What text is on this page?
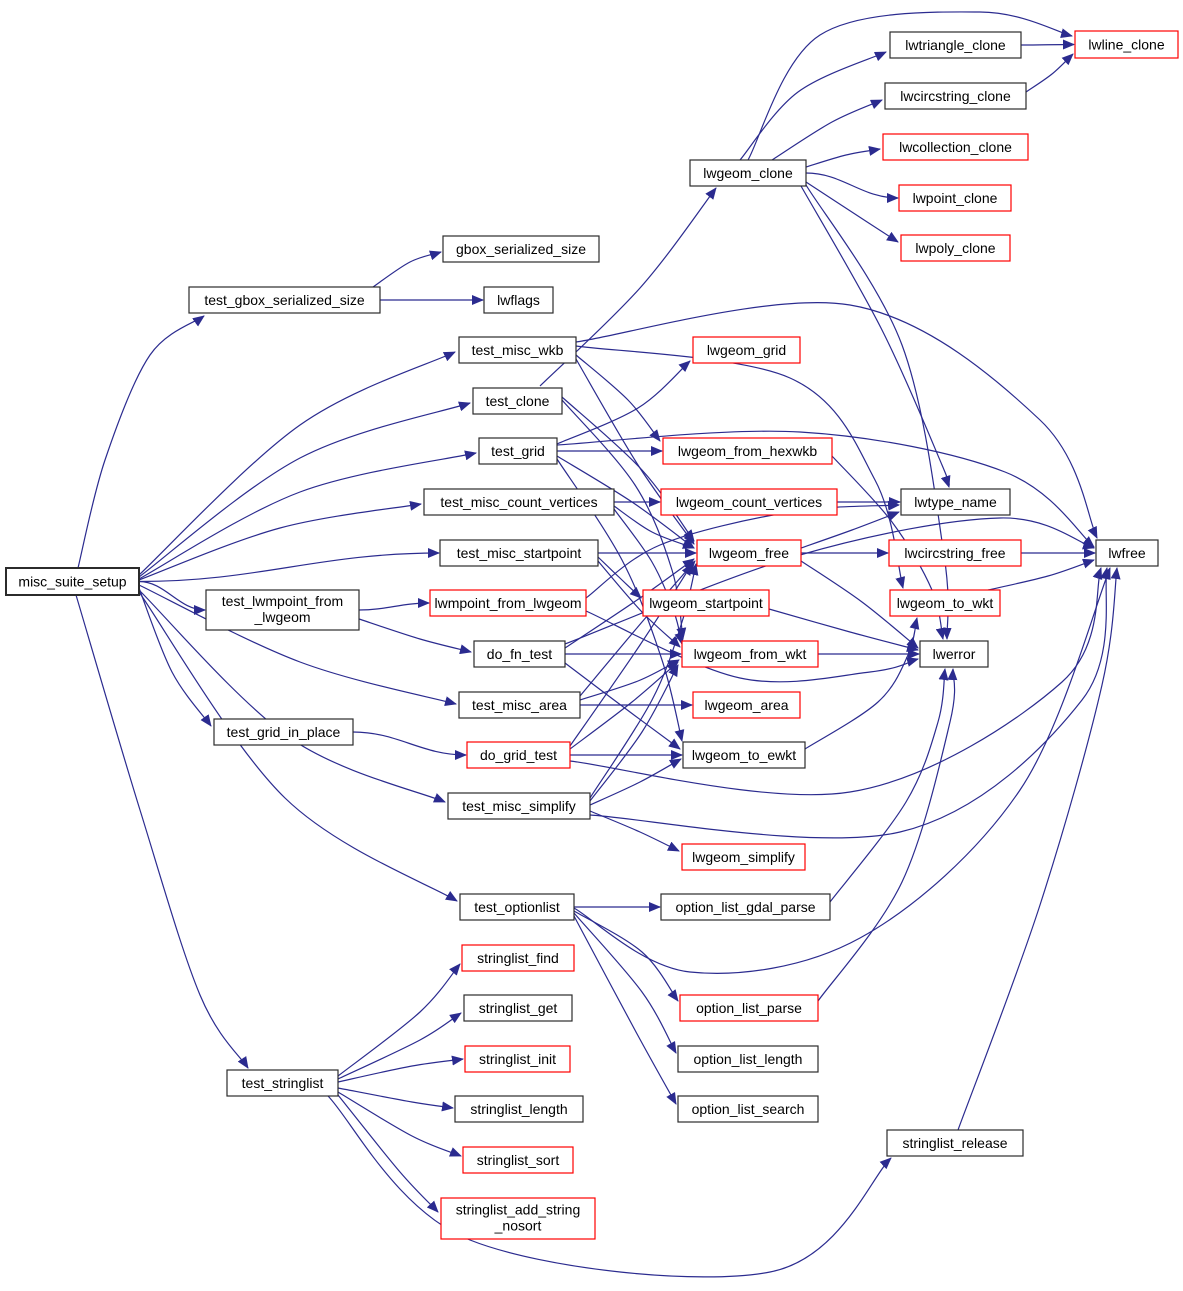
misc_suite_setup
lwtriangle_clone	lwline_clone
lwcircstring_clone
lwcollection_clone
lwgeom_clone
lwpoint_clone
lwpoly_clone
gbox_serialized_size
test_gbox_serialized_size	lwflags
test_misc_wkb	lwgeom_grid
test_clone
test_grid	lwgeom_from_hexwkb
test_misc_count_vertices	lwgeom_count_vertices	lwtype_name
test_misc_startpoint	lwgeom_free	lwcircstring_free	lwfree
test_lwmpoint_from
_lwgeom
lwmpoint_from_lwgeom	lwgeom_startpoint	lwgeom_to_wkt
do_fn_test	lwgeom_from_wkt	lwerror
test_misc_area	lwgeom_area
test_grid_in_place
do_grid_test	lwgeom_to_ewkt
test_misc_simplify
lwgeom_simplify
test_optionlist	option_list_gdal_parse
stringlist_find
stringlist_get	option_list_parse
stringlist_init	option_list_length
test_stringlist
stringlist_length	option_list_search
stringlist_sort
stringlist_add_string
_nosort
stringlist_release
